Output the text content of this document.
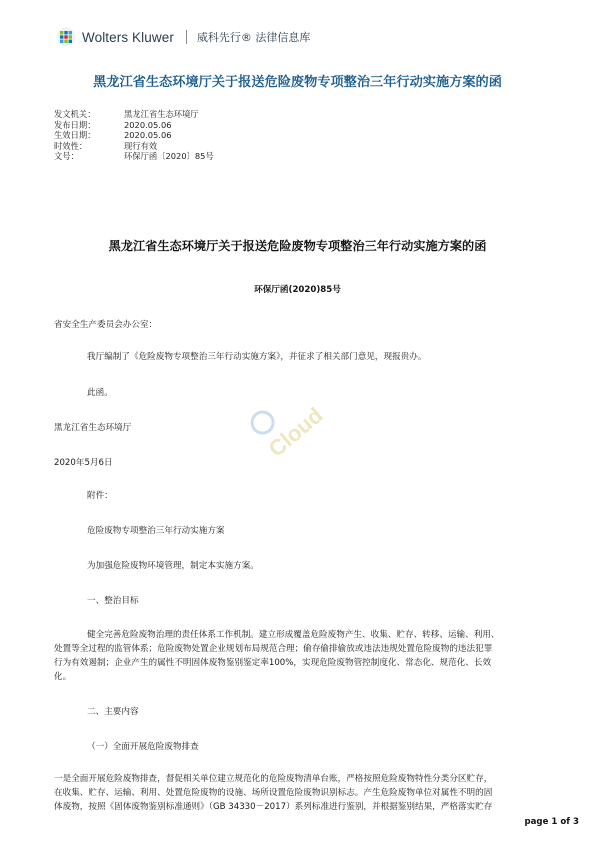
Wolters Kluwer 威科先行® 法律信息库
黑龙江省生态环境厅关于报送危险废物专项整治三年行动实施方案的函
发文机关：	黑龙江省生态环境厅
发布日期：	2020.05.06
生效日期：	2020.05.06
时效性：	现行有效
文号：	环保厅函〔2020〕85号
黑龙江省生态环境厅关于报送危险废物专项整治三年行动实施方案的函
环保厅函(2020)85号
省安全生产委员会办公室：
我厅编制了《危险废物专项整治三年行动实施方案》，并征求了相关部门意见，现报贵办。
此函。
黑龙江省生态环境厅
2020年5月6日
附件：
危险废物专项整治三年行动实施方案
为加强危险废物环境管理，制定本实施方案。
一、整治目标
健全完善危险废物治理的责任体系工作机制。建立形成覆盖危险废物产生、收集、贮存、转移、运输、利用、
处置等全过程的监管体系；危险废物处置企业规划布局规范合理；偷存偷排偷放或违法违规处置危险废物的违法犯罪
行为有效遏制；企业产生的属性不明固体废物鉴别鉴定率100%，实现危险废物管控制度化、常态化、规范化、长效
化。
二、主要内容
（一）全面开展危险废物排查
一是全面开展危险废物排查，督促相关单位建立规范化的危险废物清单台账，严格按照危险废物特性分类分区贮存，
在收集、贮存、运输、利用、处置危险废物的设施、场所设置危险废物识别标志。产生危险废物单位对属性不明的固
体废物，按照《固体废物鉴别标准通则》（GB 34330－2017）系列标准进行鉴别，并根据鉴别结果，严格落实贮存
Cloud
page 1 of 3
